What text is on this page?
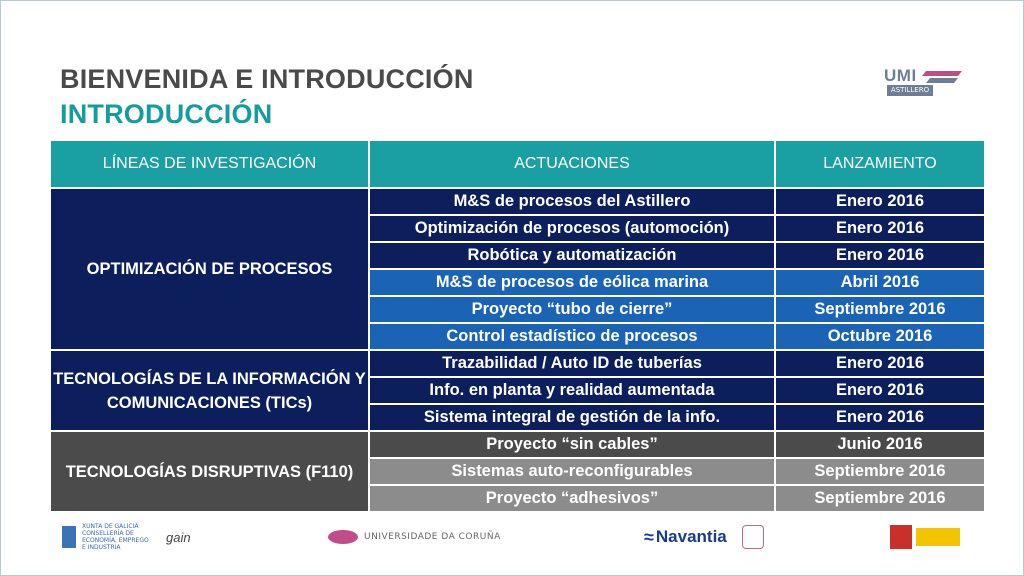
BIENVENIDA E INTRODUCCIÓN
INTRODUCCIÓN
UMI
ASTILLERO 4.0
LÍNEAS DE INVESTIGACIÓN	ACTUACIONES	LANZAMIENTO
OPTIMIZACIÓN DE PROCESOS	M&S de procesos del Astillero	Enero 2016
	Optimización de procesos (automoción)	Enero 2016
	Robótica y automatización	Enero 2016
	M&S de procesos de eólica marina	Abril 2016
	Proyecto “tubo de cierre”	Septiembre 2016
	Control estadístico de procesos	Octubre 2016
TECNOLOGÍAS DE LA INFORMACIÓN Y COMUNICACIONES (TICs)	Trazabilidad / Auto ID de tuberías	Enero 2016
	Info. en planta y realidad aumentada	Enero 2016
	Sistema integral de gestión de la info.	Enero 2016
TECNOLOGÍAS DISRUPTIVAS (F110)	Proyecto “sin cables”	Junio 2016
	Sistemas auto-reconfigurables	Septiembre 2016
	Proyecto “adhesivos”	Septiembre 2016
XUNTA DE GALICIA
CONSELLERÍA DE ECONOMÍA, EMPREGO E INDUSTRIA
gain	UNIVERSIDADE DA CORUÑA	≈ Navantia
